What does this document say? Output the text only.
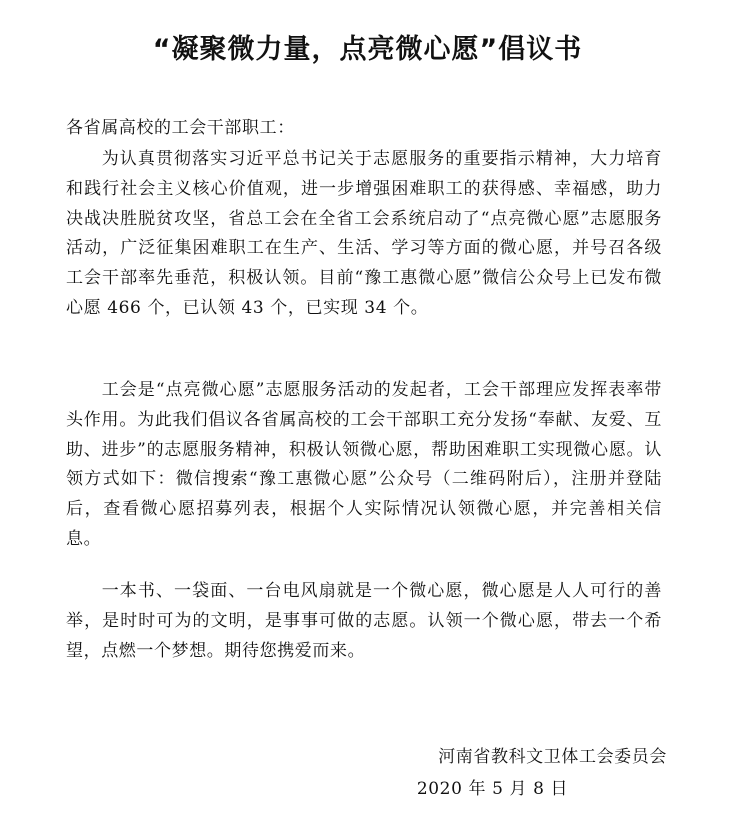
“凝聚微力量，点亮微心愿”倡议书
各省属高校的工会干部职工：

为认真贯彻落实习近平总书记关于志愿服务的重要指示精神，大力培育和践行社会主义核心价值观，进一步增强困难职工的获得感、幸福感，助力决战决胜脱贫攻坚，省总工会在全省工会系统启动了“点亮微心愿”志愿服务活动，广泛征集困难职工在生产、生活、学习等方面的微心愿，并号召各级工会干部率先垂范，积极认领。目前“豫工惠微心愿”微信公众号上已发布微心愿 466 个，已认领 43 个，已实现 34 个。

工会是“点亮微心愿”志愿服务活动的发起者，工会干部理应发挥表率带头作用。为此我们倡议各省属高校的工会干部职工充分发扬“奉献、友爱、互助、进步”的志愿服务精神，积极认领微心愿，帮助困难职工实现微心愿。认领方式如下：微信搜索“豫工惠微心愿”公众号（二维码附后），注册并登陆后，查看微心愿招募列表，根据个人实际情况认领微心愿，并完善相关信息。

一本书、一袋面、一台电风扇就是一个微心愿，微心愿是人人可行的善举，是时时可为的文明，是事事可做的志愿。认领一个微心愿，带去一个希望，点燃一个梦想。期待您携爱而来。

河南省教科文卫体工会委员会
2020 年 5 月 8 日
